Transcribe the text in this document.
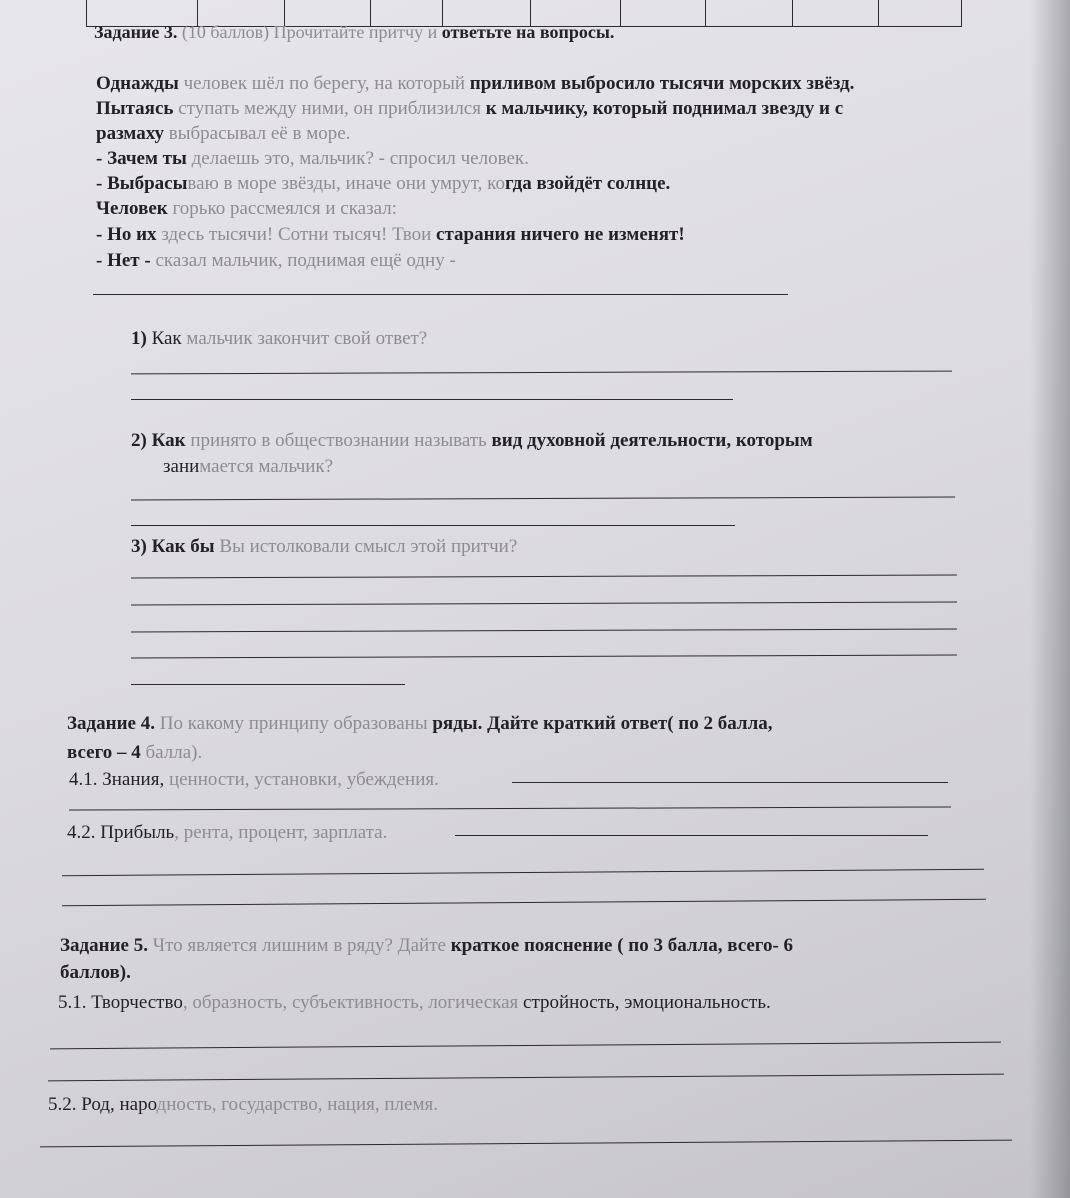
Задание 3. (10 баллов) Прочитайте притчу и ответьте на вопросы.
Однажды человек шёл по берегу, на который приливом выбросило тысячи морских звёзд.
Пытаясь ступать между ними, он приблизился к мальчику, который поднимал звезду и с
размаху выбрасывал её в море.
- Зачем ты делаешь это, мальчик? - спросил человек.
- Выбрасываю в море звёзды, иначе они умрут, когда взойдёт солнце.
Человек горько рассмеялся и сказал:
- Но их здесь тысячи! Сотни тысяч! Твои старания ничего не изменят!
- Нет - сказал мальчик, поднимая ещё одну -
1) Как мальчик закончит свой ответ?
2) Как принято в обществознании называть вид духовной деятельности, которым
занимается мальчик?
3) Как бы Вы истолковали смысл этой притчи?
Задание 4. По какому принципу образованы ряды. Дайте краткий ответ( по 2 балла,
всего – 4 балла).
4.1. Знания, ценности, установки, убеждения.
4.2. Прибыль, рента, процент, зарплата.
Задание 5. Что является лишним в ряду? Дайте краткое пояснение ( по 3 балла, всего- 6
баллов).
5.1. Творчество, образность, субъективность, логическая стройность, эмоциональность.
5.2. Род, народность, государство, нация, племя.
